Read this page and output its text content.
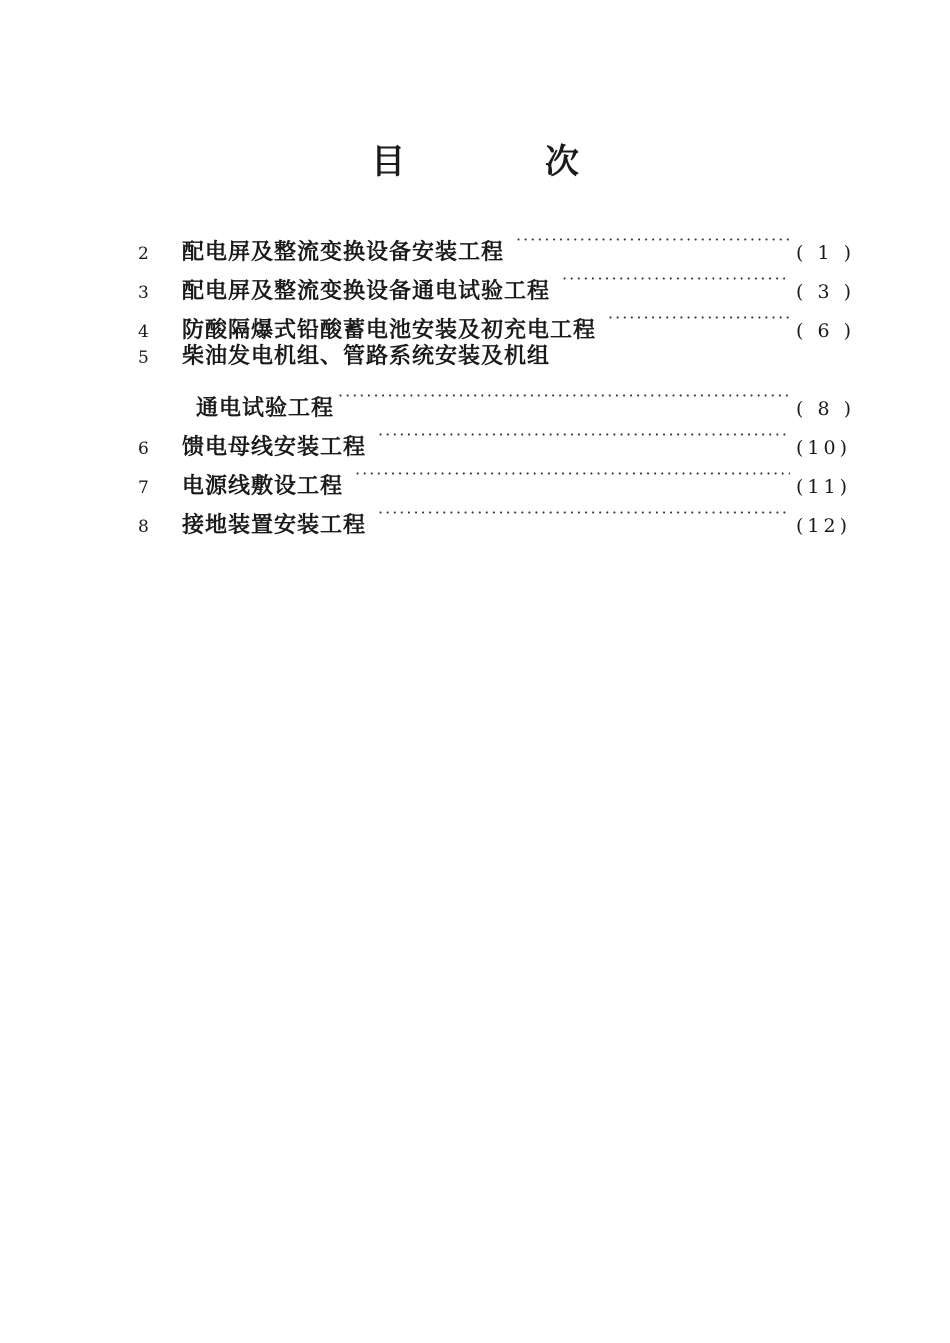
目 次
2	配电屏及整流变换设备安装工程 ·····	( 1 )
3	配电屏及整流变换设备通电试验工程 ·····	( 3 )
4	防酸隔爆式铅酸蓄电池安装及初充电工程 ·····	( 6 )
5	柴油发电机组、管路系统安装及机组
通电试验工程 ·····	( 8 )
6	馈电母线安装工程 ·····	(10)
7	电源线敷设工程 ·····	(11)
8	接地装置安装工程 ·····	(12)
